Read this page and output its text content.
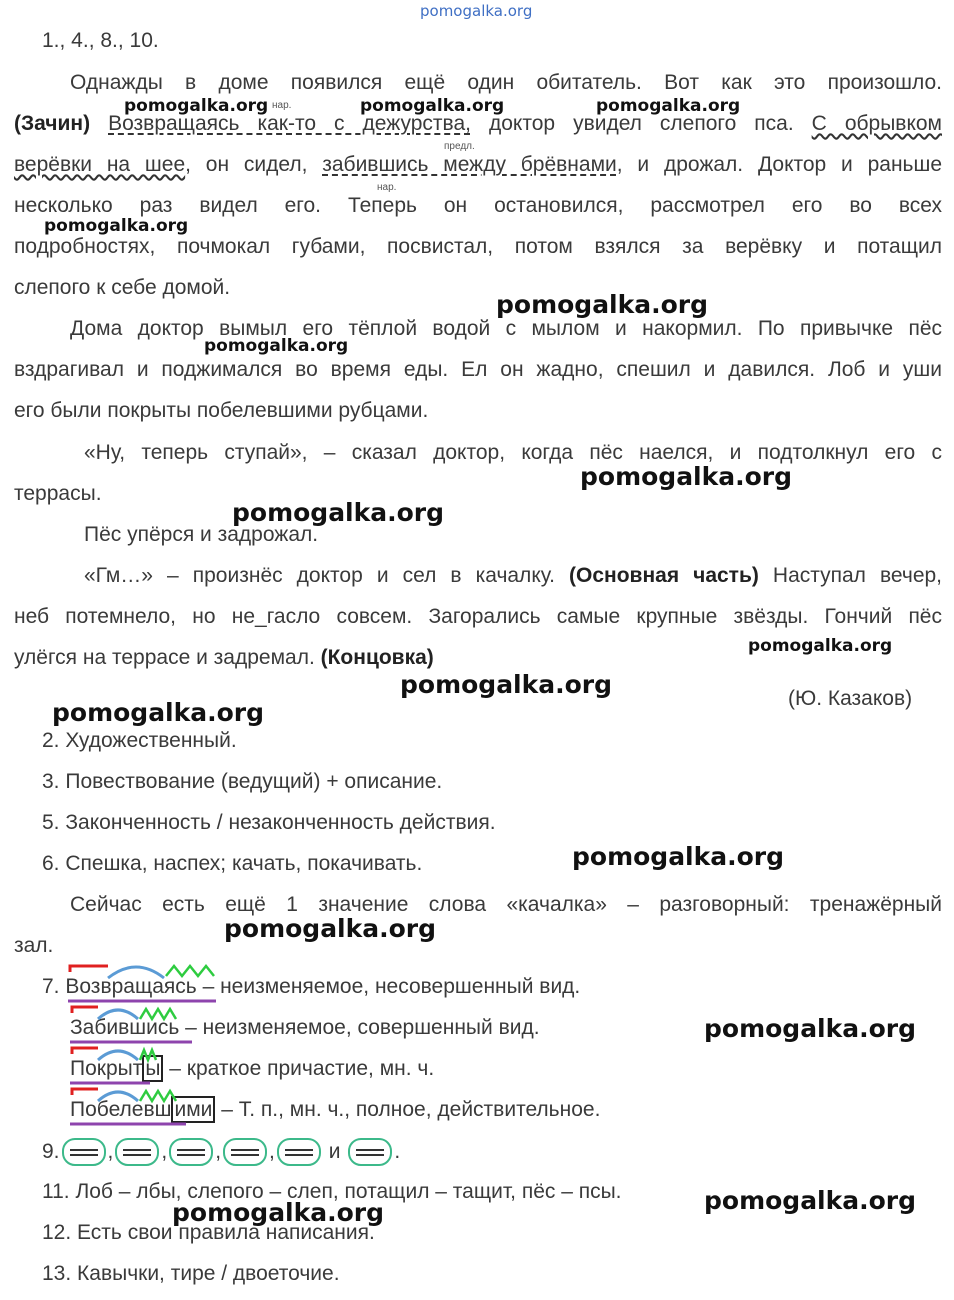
pomogalka.org
1., 4., 8., 10.
Однажды в доме появился ещё один обитатель. Вот как это произошло.
(Зачин) Возвращаясь как-то с дежурства, доктор увидел слепого пса. С обрывком
верёвки на шее, он сидел, забившись между брёвнами, и дрожал. Доктор и раньше
несколько раз видел его. Теперь он остановился, рассмотрел его во всех
подробностях, почмокал губами, посвистал, потом взялся за верёвку и потащил
слепого к себе домой.
нар.
предл.
нар.
Дома доктор вымыл его тёплой водой с мылом и накормил. По привычке пёс
вздрагивал и поджимался во время еды. Ел он жадно, спешил и давился. Лоб и уши
его были покрыты побелевшими рубцами.
«Ну, теперь ступай», – сказал доктор, когда пёс наелся, и подтолкнул его с
террасы.
Пёс упёрся и задрожал.
«Гм…» – произнёс доктор и сел в качалку. (Основная часть) Наступал вечер,
неб потемнело, но не_гасло совсем. Загорались самые крупные звёзды. Гончий пёс
улёгся на террасе и задремал. (Концовка)
(Ю. Казаков)
2. Художественный.
3. Повествование (ведущий) + описание.
5. Законченность / незаконченность действия.
6. Спешка, наспех; качать, покачивать.
Сейчас есть ещё 1 значение слова «качалка» – разговорный: тренажёрный
зал.
7. Возвращаясь – неизменяемое, несовершенный вид.
Забившись – неизменяемое, совершенный вид.
Покрыт ы – краткое причастие, мн. ч.
Побелевш ими – Т. п., мн. ч., полное, действительное.
9. , , , ,	и	.
11. Лоб – лбы, слепого – слеп, потащил – тащит, пёс – псы.
12. Есть свои правила написания.
13. Кавычки, тире / двоеточие.
pomogalka.org	pomogalka.org	pomogalka.org
pomogalka.org
pomogalka.org
pomogalka.org
pomogalka.org
pomogalka.org
pomogalka.org
pomogalka.org
pomogalka.org
pomogalka.org
pomogalka.org
pomogalka.org
pomogalka.org
pomogalka.org
